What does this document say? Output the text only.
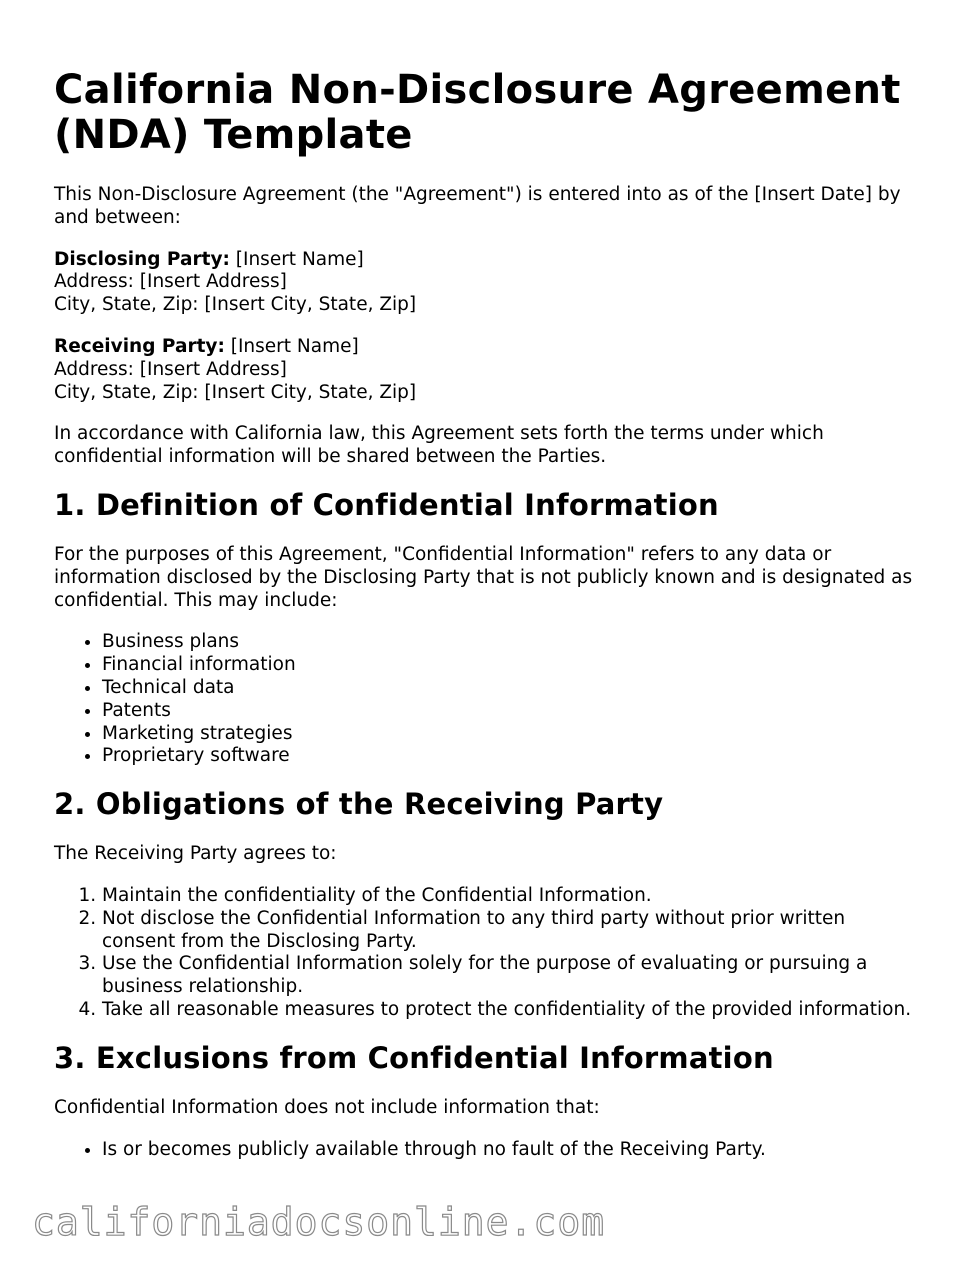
California Non-Disclosure Agreement (NDA) Template

This Non-Disclosure Agreement (the "Agreement") is entered into as of the [Insert Date] by and between:

Disclosing Party: [Insert Name]
Address: [Insert Address]
City, State, Zip: [Insert City, State, Zip]

Receiving Party: [Insert Name]
Address: [Insert Address]
City, State, Zip: [Insert City, State, Zip]

In accordance with California law, this Agreement sets forth the terms under which confidential information will be shared between the Parties.

1. Definition of Confidential Information

For the purposes of this Agreement, "Confidential Information" refers to any data or information disclosed by the Disclosing Party that is not publicly known and is designated as confidential. This may include:

• Business plans
• Financial information
• Technical data
• Patents
• Marketing strategies
• Proprietary software
2. Obligations of the Receiving Party

The Receiving Party agrees to:

1. Maintain the confidentiality of the Confidential Information.
2. Not disclose the Confidential Information to any third party without prior written consent from the Disclosing Party.
3. Use the Confidential Information solely for the purpose of evaluating or pursuing a business relationship.
4. Take all reasonable measures to protect the confidentiality of the provided information.
3. Exclusions from Confidential Information

Confidential Information does not include information that:

• Is or becomes publicly available through no fault of the Receiving Party.
californiadocsonline.com
